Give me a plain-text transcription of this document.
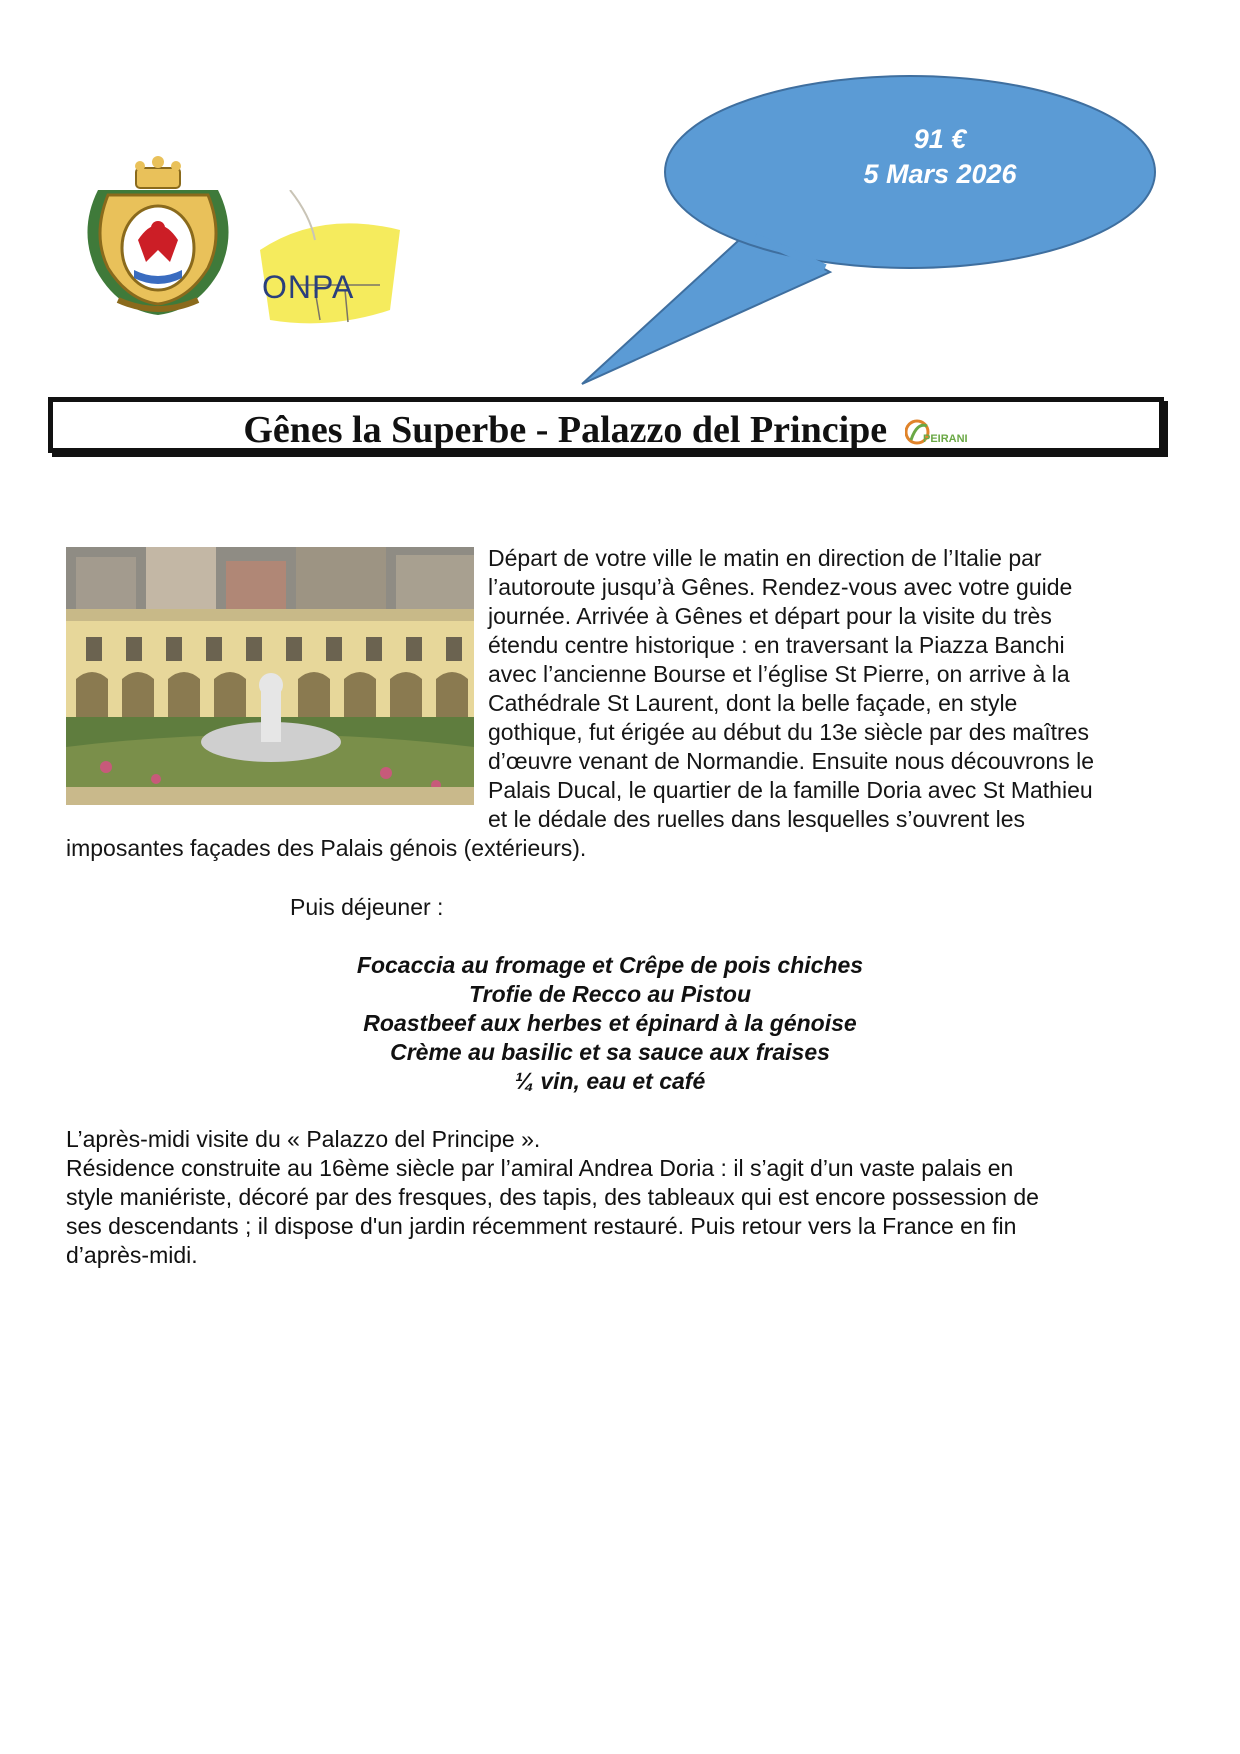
91 €
5 Mars 2026
ONPA
Gênes la Superbe - Palazzo del Principe	PEIRANI
Départ de votre ville le matin en direction de l’Italie par
l’autoroute jusqu’à Gênes. Rendez-vous avec votre guide
journée. Arrivée à Gênes et départ pour la visite du très
étendu centre historique : en traversant la Piazza Banchi
avec l’ancienne Bourse et l’église St Pierre, on arrive à la
Cathédrale St Laurent, dont la belle façade, en style
gothique, fut érigée au début du 13e siècle par des maîtres
d’œuvre venant de Normandie. Ensuite nous découvrons le
Palais Ducal, le quartier de la famille Doria avec St Mathieu
et le dédale des ruelles dans lesquelles s’ouvrent les
imposantes façades des Palais génois (extérieurs).
Puis déjeuner :
Focaccia au fromage et Crêpe de pois chiches
Trofie de Recco au Pistou
Roastbeef aux herbes et épinard à la génoise
Crème au basilic et sa sauce aux fraises
¼ vin, eau et café
L’après-midi visite du « Palazzo del Principe ».
Résidence construite au 16ème siècle par l’amiral Andrea Doria : il s’agit d’un vaste palais en
style maniériste, décoré par des fresques, des tapis, des tableaux qui est encore possession de
ses descendants ; il dispose d'un jardin récemment restauré. Puis retour vers la France en fin
d’après-midi.
